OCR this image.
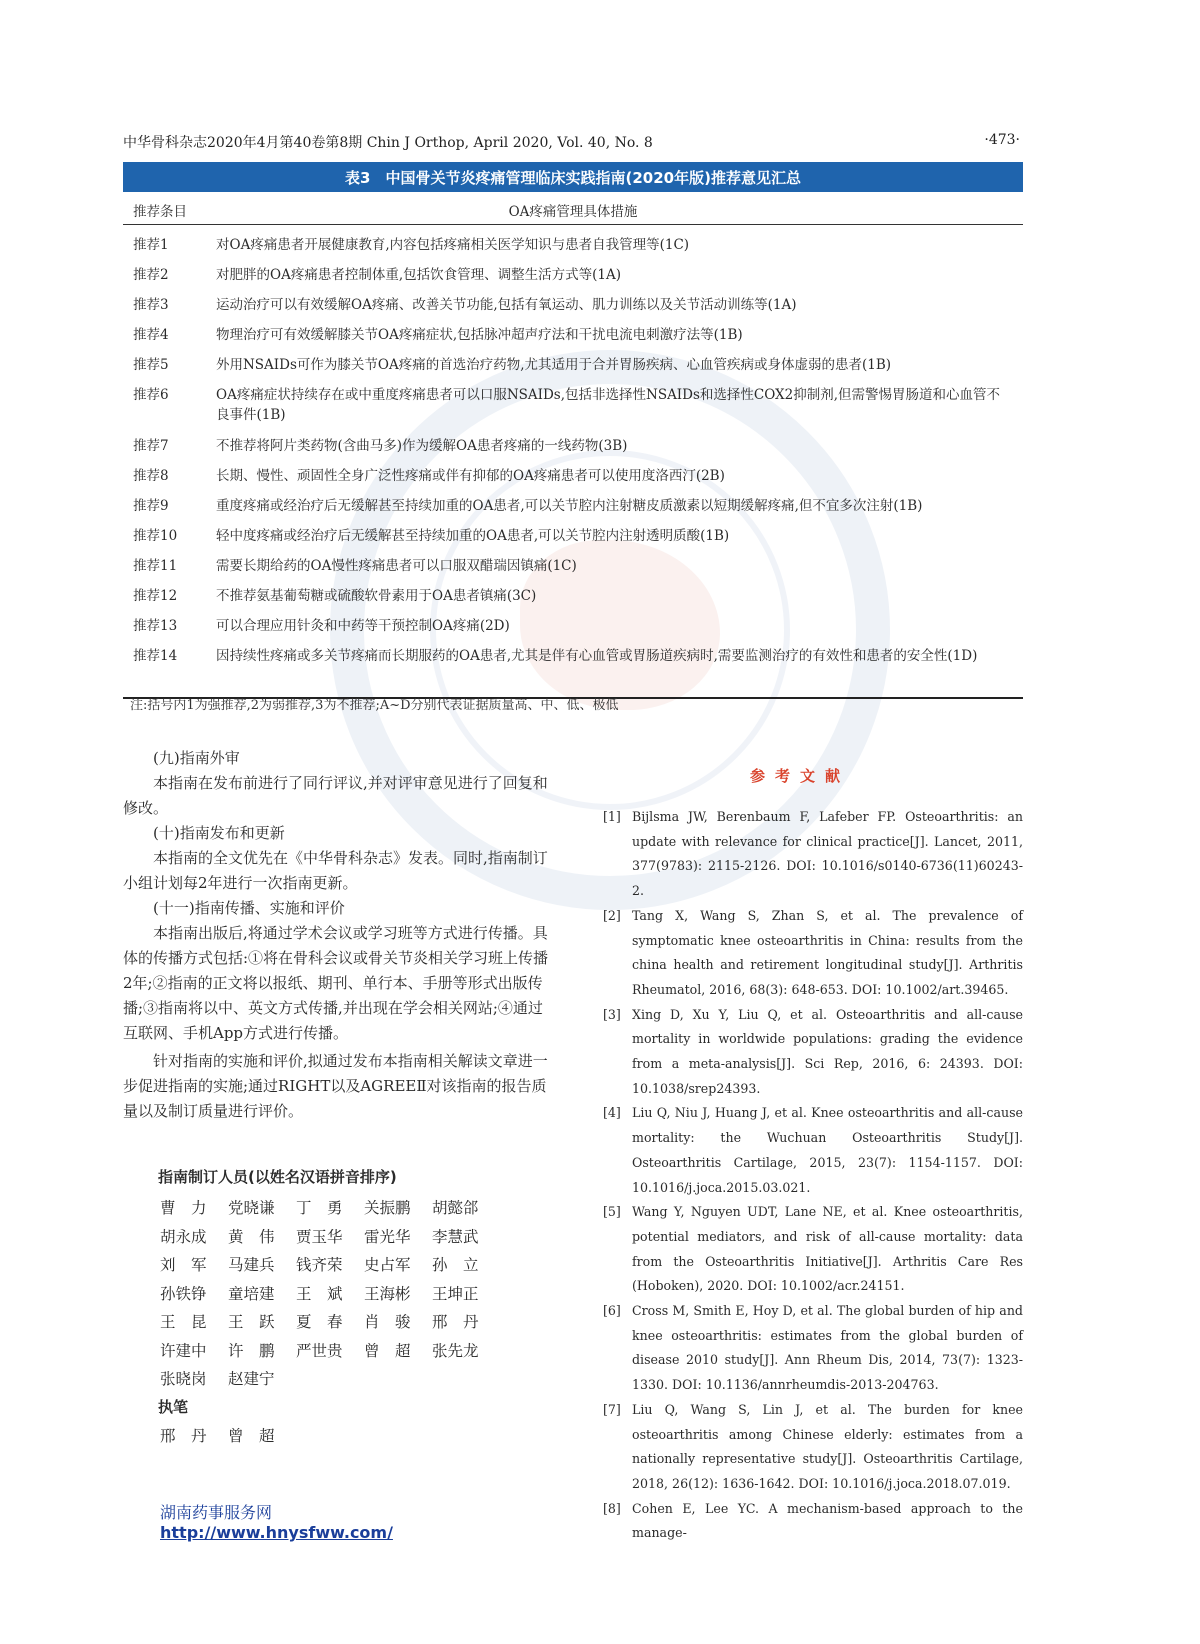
中华骨科杂志2020年4月第40卷第8期 Chin J Orthop, April 2020, Vol. 40, No. 8	·473·
表3　中国骨关节炎疼痛管理临床实践指南(2020年版)推荐意见汇总
推荐条目	OA疼痛管理具体措施
推荐1	对OA疼痛患者开展健康教育,内容包括疼痛相关医学知识与患者自我管理等(1C)
推荐2	对肥胖的OA疼痛患者控制体重,包括饮食管理、调整生活方式等(1A)
推荐3	运动治疗可以有效缓解OA疼痛、改善关节功能,包括有氧运动、肌力训练以及关节活动训练等(1A)
推荐4	物理治疗可有效缓解膝关节OA疼痛症状,包括脉冲超声疗法和干扰电流电刺激疗法等(1B)
推荐5	外用NSAIDs可作为膝关节OA疼痛的首选治疗药物,尤其适用于合并胃肠疾病、心血管疾病或身体虚弱的患者(1B)
推荐6	OA疼痛症状持续存在或中重度疼痛患者可以口服NSAIDs,包括非选择性NSAIDs和选择性COX2抑制剂,但需警惕胃肠道和心血管不良事件(1B)
推荐7	不推荐将阿片类药物(含曲马多)作为缓解OA患者疼痛的一线药物(3B)
推荐8	长期、慢性、顽固性全身广泛性疼痛或伴有抑郁的OA疼痛患者可以使用度洛西汀(2B)
推荐9	重度疼痛或经治疗后无缓解甚至持续加重的OA患者,可以关节腔内注射糖皮质激素以短期缓解疼痛,但不宜多次注射(1B)
推荐10	轻中度疼痛或经治疗后无缓解甚至持续加重的OA患者,可以关节腔内注射透明质酸(1B)
推荐11	需要长期给药的OA慢性疼痛患者可以口服双醋瑞因镇痛(1C)
推荐12	不推荐氨基葡萄糖或硫酸软骨素用于OA患者镇痛(3C)
推荐13	可以合理应用针灸和中药等干预控制OA疼痛(2D)
推荐14	因持续性疼痛或多关节疼痛而长期服药的OA患者,尤其是伴有心血管或胃肠道疾病时,需要监测治疗的有效性和患者的安全性(1D)
注:括号内1为强推荐,2为弱推荐,3为不推荐;A~D分别代表证据质量高、中、低、极低

(九)指南外审

本指南在发布前进行了同行评议,并对评审意见进行了回复和修改。

(十)指南发布和更新

本指南的全文优先在《中华骨科杂志》发表。同时,指南制订小组计划每2年进行一次指南更新。

(十一)指南传播、实施和评价

本指南出版后,将通过学术会议或学习班等方式进行传播。具体的传播方式包括:①将在骨科会议或骨关节炎相关学习班上传播2年;②指南的正文将以报纸、期刊、单行本、手册等形式出版传播;③指南将以中、英文方式传播,并出现在学会相关网站;④通过互联网、手机App方式进行传播。

针对指南的实施和评价,拟通过发布本指南相关解读文章进一步促进指南的实施;通过RIGHT以及AGREEⅡ对该指南的报告质量以及制订质量进行评价。

指南制订人员(以姓名汉语拼音排序)
曹　力	党晓谦	丁　勇	关振鹏	胡懿郃
胡永成	黄　伟	贾玉华	雷光华	李慧武
刘　军	马建兵	钱齐荣	史占军	孙　立
孙铁铮	童培建	王　斌	王海彬	王坤正
王　昆	王　跃	夏　春	肖　骏	邢　丹
许建中	许　鹏	严世贵	曾　超	张先龙
张晓岗	赵建宁
执笔
邢　丹	曾　超
参考文献
[1] Bijlsma JW, Berenbaum F, Lafeber FP. Osteoarthritis: an update with relevance for clinical practice[J]. Lancet, 2011, 377(9783): 2115-2126. DOI: 10.1016/s0140-6736(11)60243-2.
[2] Tang X, Wang S, Zhan S, et al. The prevalence of symptomatic knee osteoarthritis in China: results from the china health and retirement longitudinal study[J]. Arthritis Rheumatol, 2016, 68(3): 648-653. DOI: 10.1002/art.39465.
[3] Xing D, Xu Y, Liu Q, et al. Osteoarthritis and all-cause mortality in worldwide populations: grading the evidence from a meta-analysis[J]. Sci Rep, 2016, 6: 24393. DOI: 10.1038/srep24393.
[4] Liu Q, Niu J, Huang J, et al. Knee osteoarthritis and all-cause mortality: the Wuchuan Osteoarthritis Study[J]. Osteoarthritis Cartilage, 2015, 23(7): 1154-1157. DOI: 10.1016/j.joca.2015.03.021.
[5] Wang Y, Nguyen UDT, Lane NE, et al. Knee osteoarthritis, potential mediators, and risk of all-cause mortality: data from the Osteoarthritis Initiative[J]. Arthritis Care Res (Hoboken), 2020. DOI: 10.1002/acr.24151.
[6] Cross M, Smith E, Hoy D, et al. The global burden of hip and knee osteoarthritis: estimates from the global burden of disease 2010 study[J]. Ann Rheum Dis, 2014, 73(7): 1323-1330. DOI: 10.1136/annrheumdis-2013-204763.
[7] Liu Q, Wang S, Lin J, et al. The burden for knee osteoarthritis among Chinese elderly: estimates from a nationally representative study[J]. Osteoarthritis Cartilage, 2018, 26(12): 1636-1642. DOI: 10.1016/j.joca.2018.07.019.
[8] Cohen E, Lee YC. A mechanism-based approach to the manage-
湖南药事服务网
http://www.hnysfww.com/
